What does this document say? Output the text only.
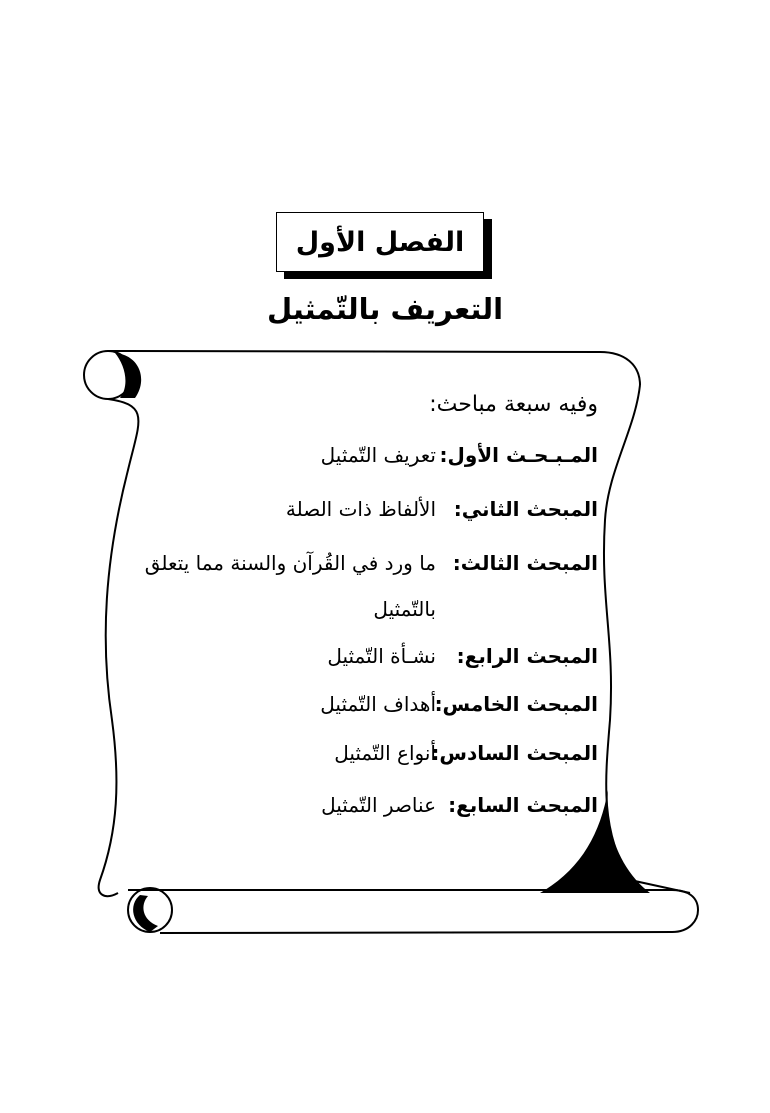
الفصل الأول
التعريف بالتّمثيل
وفيه سبعة مباحث:
المـبـحـث الأول:
تعريف التّمثيل
المبحث الثاني:
الألفاظ ذات الصلة
المبحث الثالث:
ما ورد في القُرآن والسنة مما يتعلق بالتّمثيل
المبحث الرابع:
نشـأة التّمثيل
المبحث الخامس:
أهداف التّمثيل
المبحث السادس:
أنواع التّمثيل
المبحث السابع:
عناصر التّمثيل
